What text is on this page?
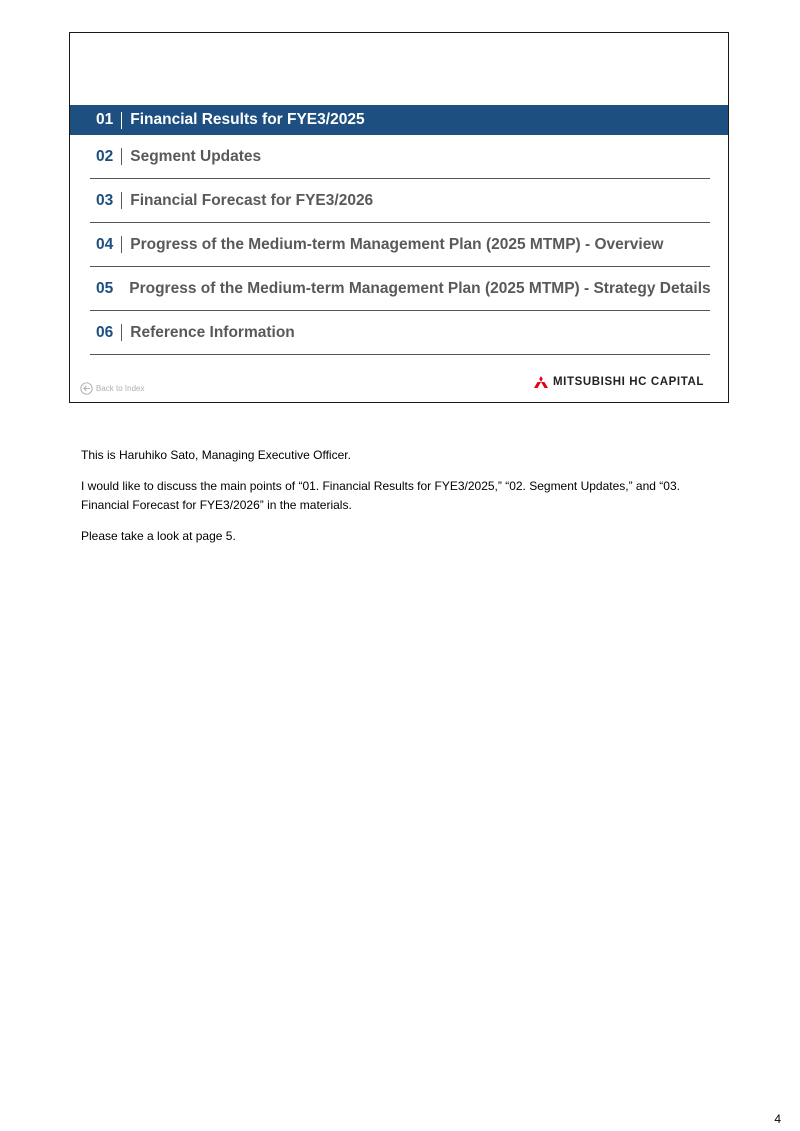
01 Financial Results for FYE3/2025
02 Segment Updates
03 Financial Forecast for FYE3/2026
04 Progress of the Medium-term Management Plan (2025 MTMP) - Overview
05 Progress of the Medium-term Management Plan (2025 MTMP) - Strategy Details
06 Reference Information
Back to Index
MITSUBISHI HC CAPITAL

This is Haruhiko Sato, Managing Executive Officer.

I would like to discuss the main points of “01. Financial Results for FYE3/2025,” “02. Segment Updates,” and “03. Financial Forecast for FYE3/2026” in the materials.

Please take a look at page 5.

4
